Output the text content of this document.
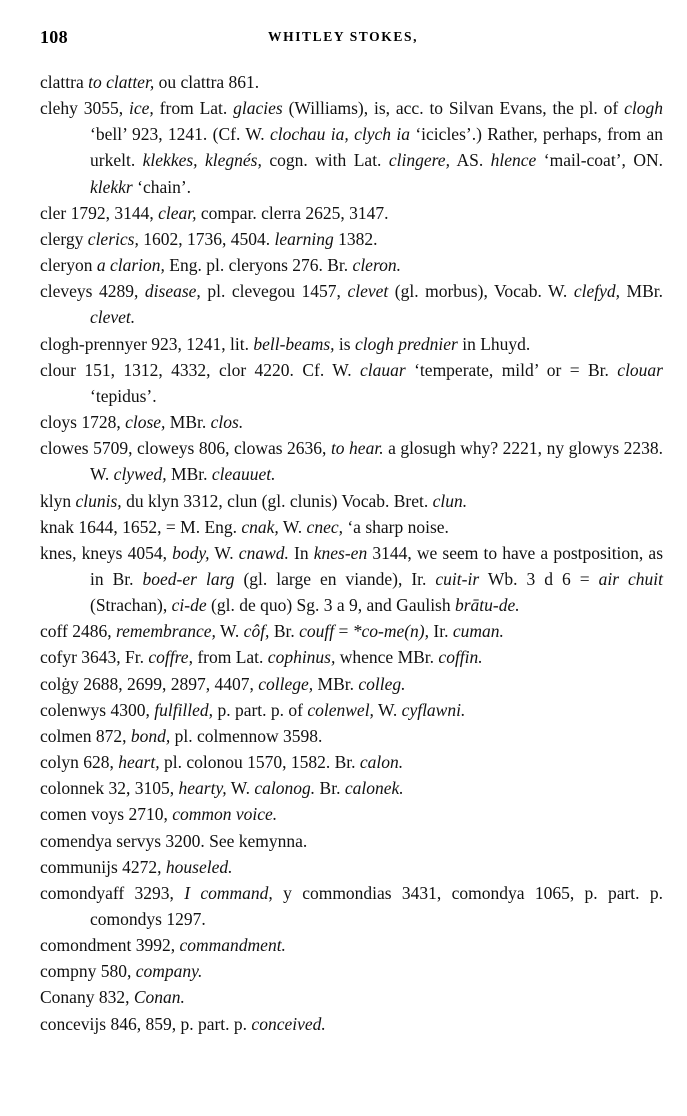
108	WHITLEY STOKES,

clattra to clatter, ou clattra 861.

clehy 3055, ice, from Lat. glacies (Williams), is, acc. to Silvan Evans, the pl. of clogh ‘bell’ 923, 1241. (Cf. W. clochau ia, clych ia ‘icicles’.) Rather, perhaps, from an urkelt. klekkes, klegnés, cogn. with Lat. clingere, AS. hlence ‘mail-coat’, ON. klekkr ‘chain’.

cler 1792, 3144, clear, compar. clerra 2625, 3147.

clergy clerics, 1602, 1736, 4504. learning 1382.

cleryon a clarion, Eng. pl. cleryons 276. Br. cleron.

cleveys 4289, disease, pl. clevegou 1457, clevet (gl. morbus), Vocab. W. clefyd, MBr. clevet.

clogh-prennyer 923, 1241, lit. bell-beams, is clogh prednier in Lhuyd.

clour 151, 1312, 4332, clor 4220. Cf. W. clauar ‘temperate, mild’ or = Br. clouar ‘tepidus’.

cloys 1728, close, MBr. clos.

clowes 5709, cloweys 806, clowas 2636, to hear. a glosugh why? 2221, ny glowys 2238. W. clywed, MBr. cleauuet.

klyn clunis, du klyn 3312, clun (gl. clunis) Vocab. Bret. clun.

knak 1644, 1652, = M. Eng. cnak, W. cnec, ‘a sharp noise.

knes, kneys 4054, body, W. cnawd. In knes-en 3144, we seem to have a postposition, as in Br. boed-er larg (gl. large en viande), Ir. cuit-ir Wb. 3 d 6 = air chuit (Strachan), ci-de (gl. de quo) Sg. 3 a 9, and Gaulish brātu-de.

coff 2486, remembrance, W. côf, Br. couff = *co-me(n), Ir. cuman.

cofyr 3643, Fr. coffre, from Lat. cophinus, whence MBr. coffin.

colġy 2688, 2699, 2897, 4407, college, MBr. colleg.

colenwys 4300, fulfilled, p. part. p. of colenwel, W. cyflawni.

colmen 872, bond, pl. colmennow 3598.

colyn 628, heart, pl. colonou 1570, 1582. Br. calon.

colonnek 32, 3105, hearty, W. calonog. Br. calonek.

comen voys 2710, common voice.

comendya servys 3200. See kemynna.

communijs 4272, houseled.

comondyaff 3293, I command, y commondias 3431, comondya 1065, p. part. p. comondys 1297.

comondment 3992, commandment.

compny 580, company.

Conany 832, Conan.

concevijs 846, 859, p. part. p. conceived.
